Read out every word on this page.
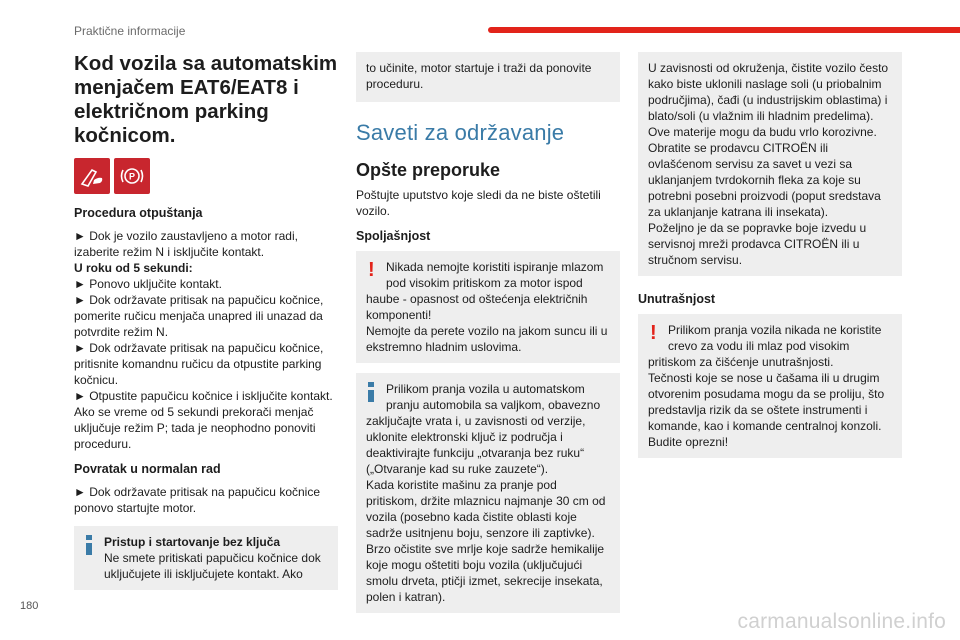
Praktične informacije
Kod vozila sa automatskim menjačem EAT6/EAT8 i električnom parking kočnicom.
P
Procedura otpuštanja
► Dok je vozilo zaustavljeno a motor radi, izaberite režim N i isključite kontakt.
U roku od 5 sekundi:
► Ponovo uključite kontakt.
► Dok održavate pritisak na papučicu kočnice, pomerite ručicu menjača unapred ili unazad da potvrdite režim N.
► Dok održavate pritisak na papučicu kočnice, pritisnite komandnu ručicu da otpustite parking kočnicu.
► Otpustite papučicu kočnice i isključite kontakt.
Ako se vreme od 5 sekundi prekorači menjač uključuje režim P; tada je neophodno ponoviti proceduru.
Povratak u normalan rad
► Dok održavate pritisak na papučicu kočnice ponovo startujte motor.
Pristup i startovanje bez ključa
Ne smete pritiskati papučicu kočnice dok uključujete ili isključujete kontakt. Ako
to učinite, motor startuje i traži da ponovite proceduru.
Saveti za održavanje
Opšte preporuke
Poštujte uputstvo koje sledi da ne biste oštetili vozilo.
Spoljašnjost
! Nikada nemojte koristiti ispiranje mlazom pod visokim pritiskom za motor ispod
haube - opasnost od oštećenja električnih komponenti!
Nemojte da perete vozilo na jakom suncu ili u ekstremno hladnim uslovima.
Prilikom pranja vozila u automatskom pranju automobila sa valjkom, obavezno
zaključajte vrata i, u zavisnosti od verzije, uklonite elektronski ključ iz područja i deaktivirajte funkciju „otvaranja bez ruku“ („Otvaranje kad su ruke zauzete“).
Kada koristite mašinu za pranje pod pritiskom, držite mlaznicu najmanje 30 cm od vozila (posebno kada čistite oblasti koje sadrže usitnjenu boju, senzore ili zaptivke).
Brzo očistite sve mrlje koje sadrže hemikalije koje mogu oštetiti boju vozila (uključujući smolu drveta, ptičji izmet, sekrecije insekata, polen i katran).
U zavisnosti od okruženja, čistite vozilo često kako biste uklonili naslage soli (u priobalnim područjima), čađi (u industrijskim oblastima) i blato/soli (u vlažnim ili hladnim predelima). Ove materije mogu da budu vrlo korozivne. Obratite se prodavcu CITROËN ili ovlašćenom servisu za savet u vezi sa uklanjanjem tvrdokornih fleka za koje su potrebni posebni proizvodi (poput sredstava za uklanjanje katrana ili insekata).
Poželjno je da se popravke boje izvedu u servisnoj mreži prodavca CITROËN ili u stručnom servisu.
Unutrašnjost
! Prilikom pranja vozila nikada ne koristite crevo za vodu ili mlaz pod visokim
pritiskom za čišćenje unutrašnjosti.
Tečnosti koje se nose u čašama ili u drugim otvorenim posudama mogu da se proliju, što predstavlja rizik da se oštete instrumenti i komande, kao i komande centralnoj konzoli. Budite oprezni!
180
carmanualsonline.info
